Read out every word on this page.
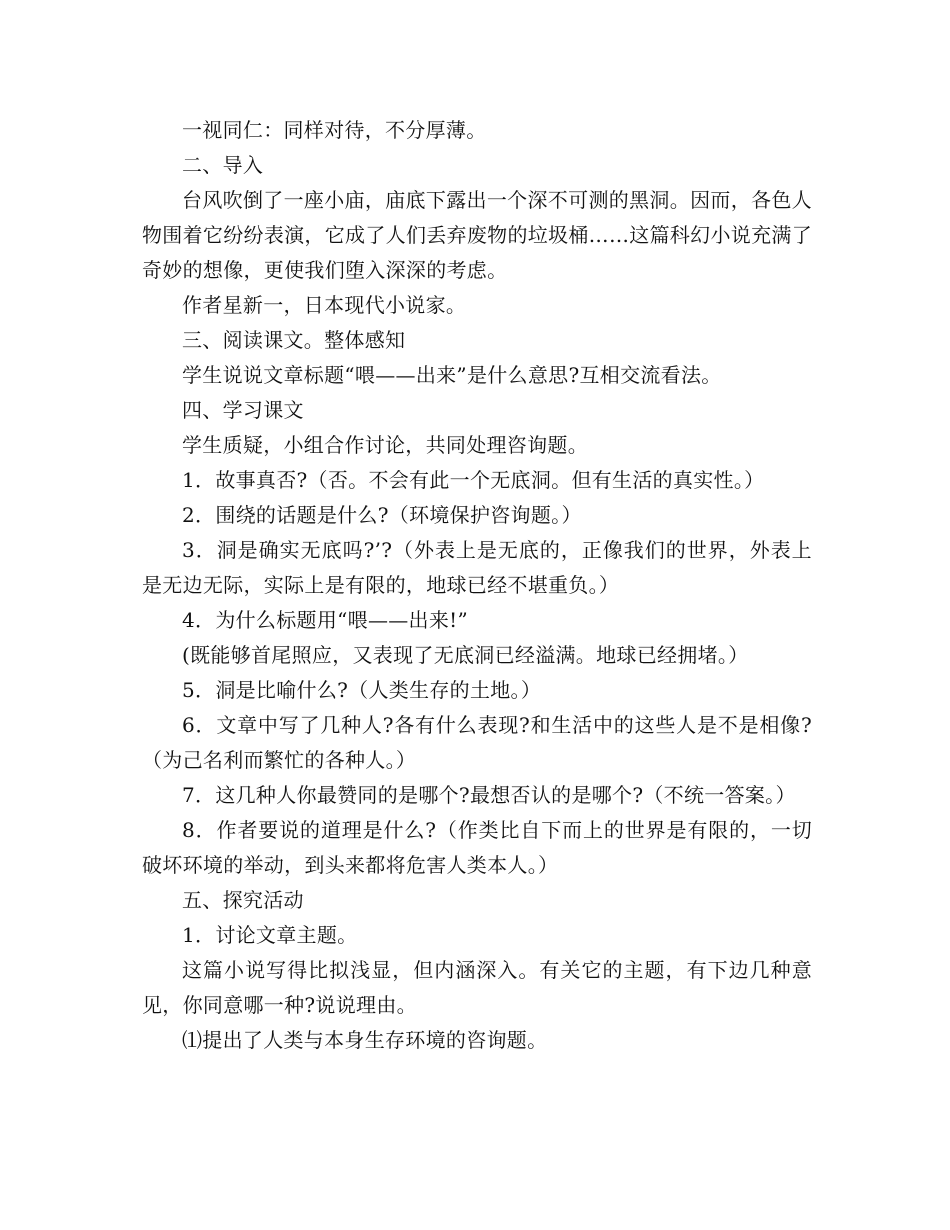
一视同仁：同样对待，不分厚薄。

二、导入

台风吹倒了一座小庙，庙底下露出一个深不可测的黑洞。因而，各色人物围着它纷纷表演，它成了人们丢弃废物的垃圾桶……这篇科幻小说充满了奇妙的想像，更使我们堕入深深的考虑。

作者星新一，日本现代小说家。

三、阅读课文。整体感知

学生说说文章标题“喂——出来”是什么意思?互相交流看法。

四、学习课文

学生质疑，小组合作讨论，共同处理咨询题。

1．故事真否?（否。不会有此一个无底洞。但有生活的真实性。）

2．围绕的话题是什么?（环境保护咨询题。）

3．洞是确实无底吗?’?（外表上是无底的，正像我们的世界，外表上是无边无际，实际上是有限的，地球已经不堪重负。）

4．为什么标题用“喂——出来!”

(既能够首尾照应，又表现了无底洞已经溢满。地球已经拥堵。）

5．洞是比喻什么?（人类生存的土地。）

6．文章中写了几种人?各有什么表现?和生活中的这些人是不是相像?（为己名利而繁忙的各种人。）

7．这几种人你最赞同的是哪个?最想否认的是哪个?（不统一答案。）

8．作者要说的道理是什么?（作类比自下而上的世界是有限的，一切破坏环境的举动，到头来都将危害人类本人。）

五、探究活动

1．讨论文章主题。

这篇小说写得比拟浅显，但内涵深入。有关它的主题，有下边几种意见，你同意哪一种?说说理由。

⑴提出了人类与本身生存环境的咨询题。
